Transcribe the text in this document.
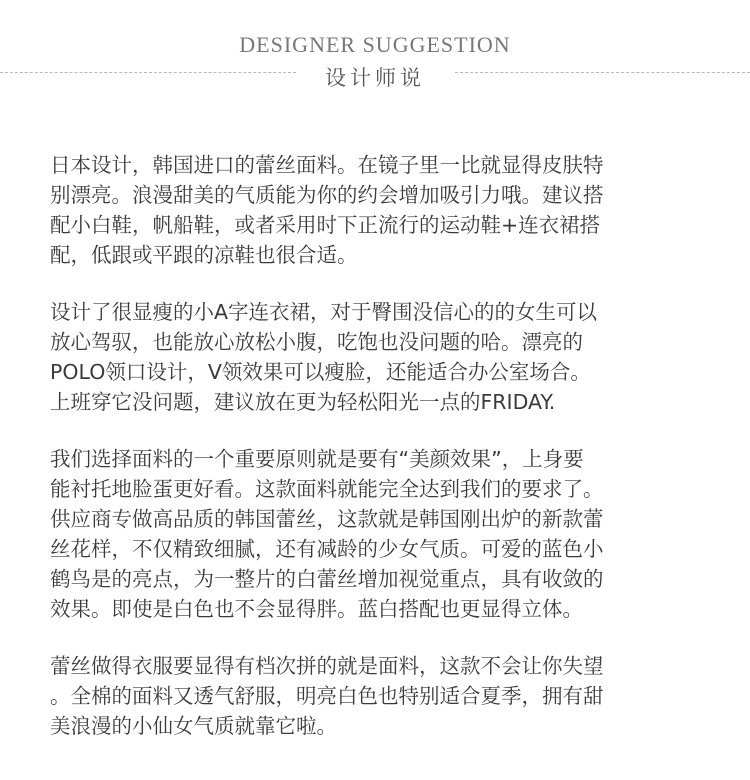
DESIGNER SUGGESTION
设计师说

日本设计，韩国进口的蕾丝面料。在镜子里一比就显得皮肤特
别漂亮。浪漫甜美的气质能为你的约会增加吸引力哦。建议搭
配小白鞋，帆船鞋，或者采用时下正流行的运动鞋+连衣裙搭
配，低跟或平跟的凉鞋也很合适。

设计了很显瘦的小A字连衣裙，对于臀围没信心的的女生可以
放心驾驭，也能放心放松小腹，吃饱也没问题的哈。漂亮的
POLO领口设计，V领效果可以瘦脸，还能适合办公室场合。
上班穿它没问题，建议放在更为轻松阳光一点的FRIDAY.

我们选择面料的一个重要原则就是要有“美颜效果”，上身要
能衬托地脸蛋更好看。这款面料就能完全达到我们的要求了。
供应商专做高品质的韩国蕾丝，这款就是韩国刚出炉的新款蕾
丝花样，不仅精致细腻，还有减龄的少女气质。可爱的蓝色小
鹤鸟是的亮点，为一整片的白蕾丝增加视觉重点，具有收敛的
效果。即使是白色也不会显得胖。蓝白搭配也更显得立体。

蕾丝做得衣服要显得有档次拼的就是面料，这款不会让你失望
。全棉的面料又透气舒服，明亮白色也特别适合夏季，拥有甜
美浪漫的小仙女气质就靠它啦。
